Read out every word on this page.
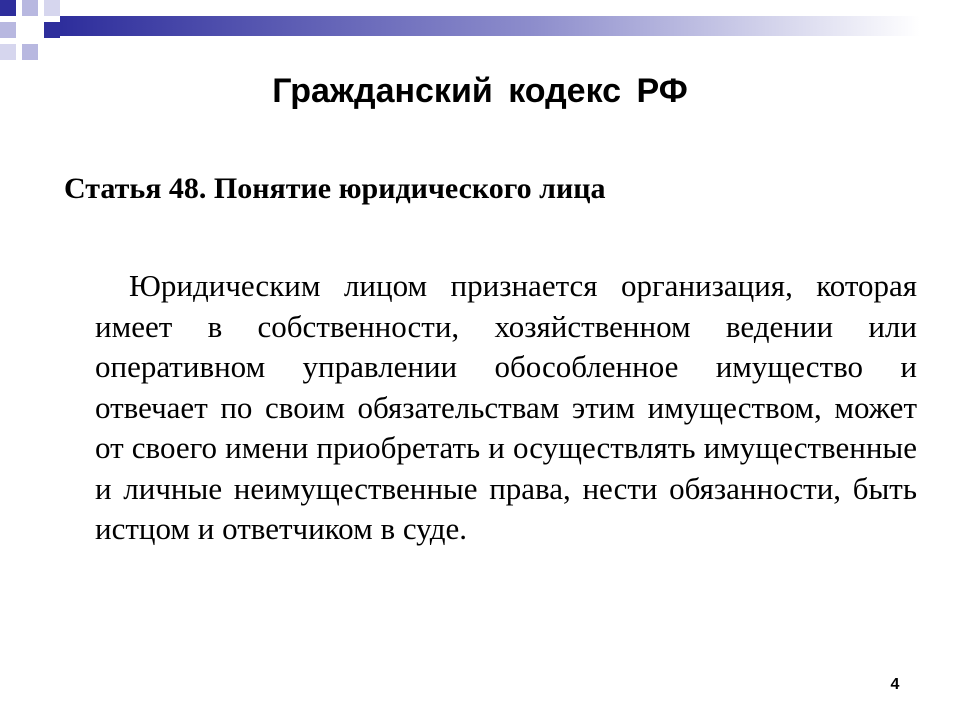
Гражданский кодекс РФ
Статья 48. Понятие юридического лица

Юридическим лицом признается организация, которая имеет в собственности, хозяйственном ведении или оперативном управлении обособленное имущество и отвечает по своим обязательствам этим имуществом, может от своего имени приобретать и осуществлять имущественные и личные неимущественные права, нести обязанности, быть истцом и ответчиком в суде.

4
